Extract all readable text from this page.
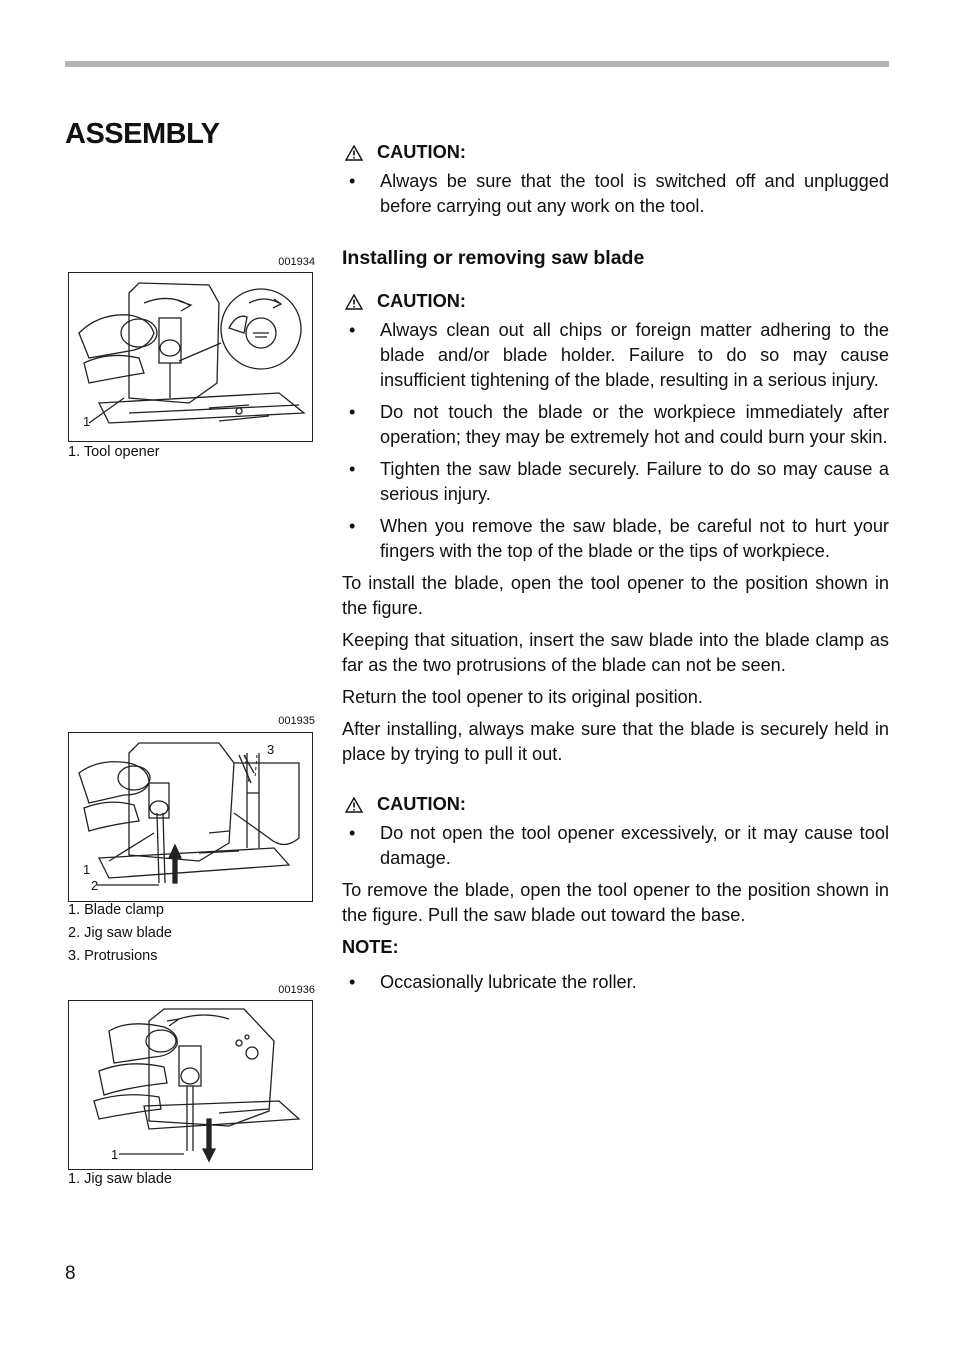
ASSEMBLY
001934
1
1. Tool opener
001935
1
2
3
1. Blade clamp
2. Jig saw blade
3. Protrusions
001936
1
1. Jig saw blade
CAUTION:
• Always be sure that the tool is switched off and unplugged before carrying out any work on the tool.
Installing or removing saw blade
CAUTION:
• Always clean out all chips or foreign matter adhering to the blade and/or blade holder. Failure to do so may cause insufficient tightening of the blade, resulting in a serious injury.
• Do not touch the blade or the workpiece immediately after operation; they may be extremely hot and could burn your skin.
• Tighten the saw blade securely. Failure to do so may cause a serious injury.
• When you remove the saw blade, be careful not to hurt your fingers with the top of the blade or the tips of workpiece.

To install the blade, open the tool opener to the position shown in the figure.

Keeping that situation, insert the saw blade into the blade clamp as far as the two protrusions of the blade can not be seen.

Return the tool opener to its original position.

After installing, always make sure that the blade is securely held in place by trying to pull it out.

CAUTION:
• Do not open the tool opener excessively, or it may cause tool damage.

To remove the blade, open the tool opener to the position shown in the figure. Pull the saw blade out toward the base.

NOTE:
• Occasionally lubricate the roller.
8
